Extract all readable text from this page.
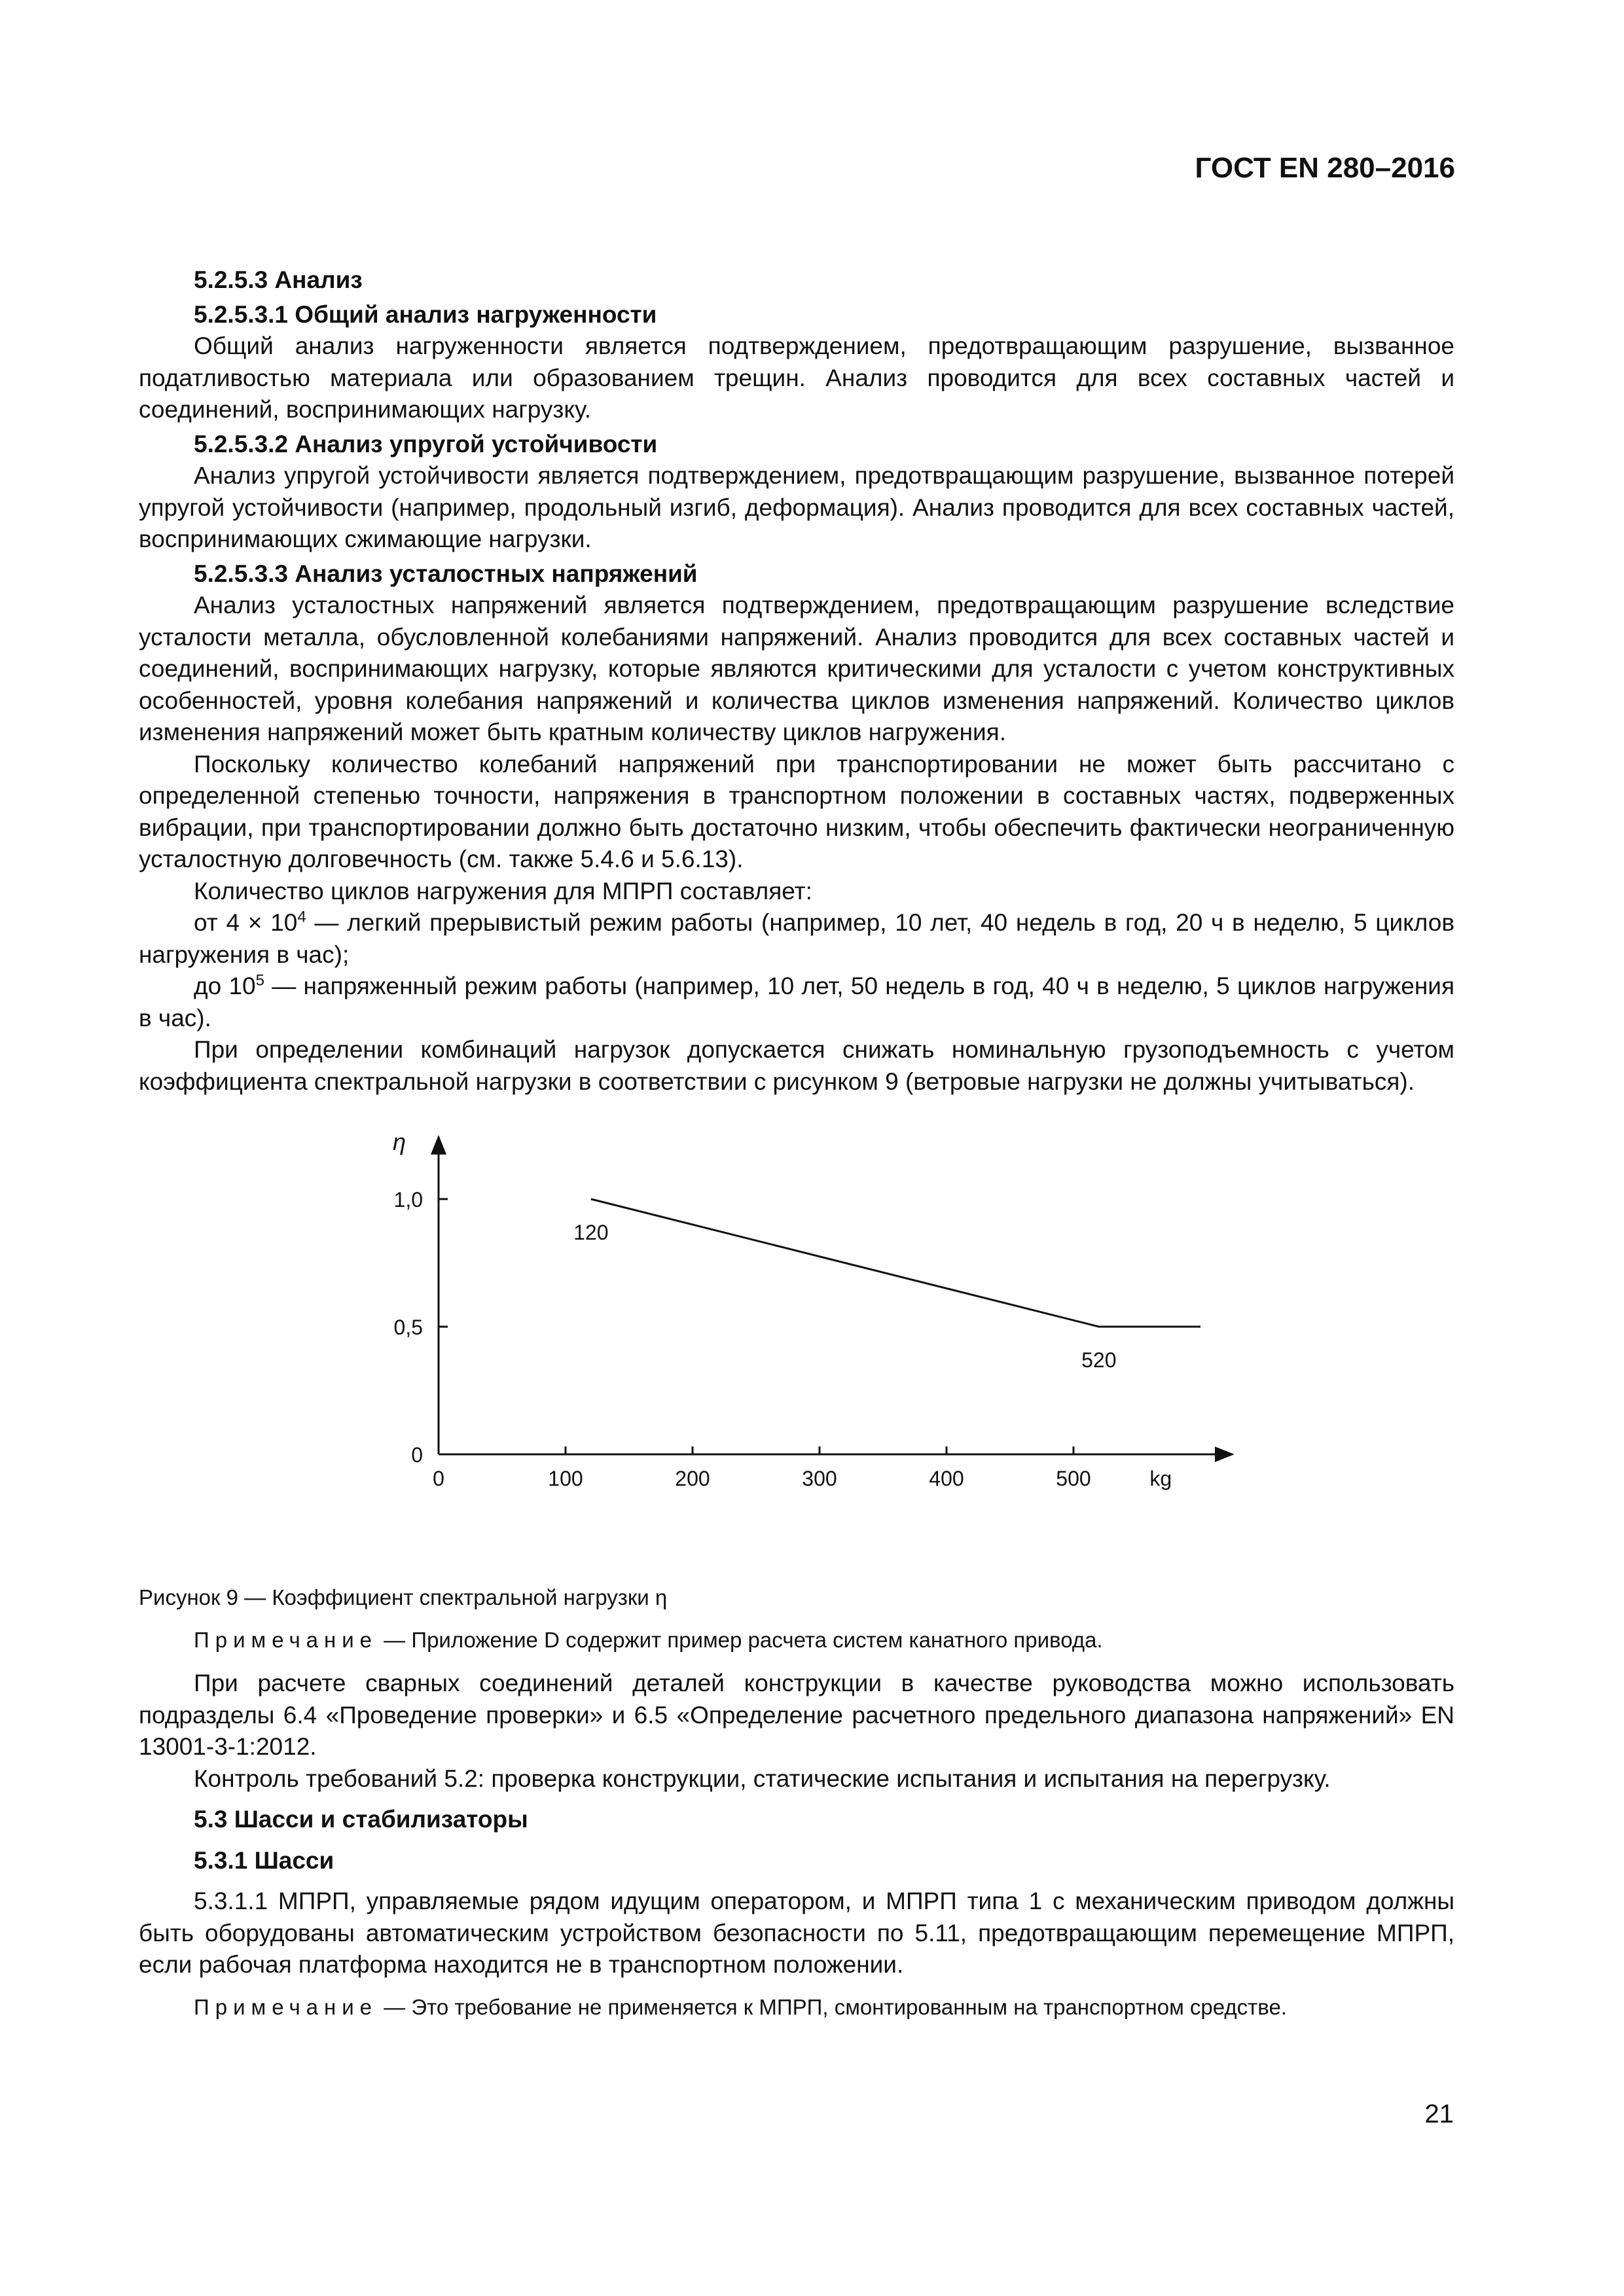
ГОСТ EN 280–2016

5.2.5.3 Анализ

5.2.5.3.1 Общий анализ нагруженности

Общий анализ нагруженности является подтверждением, предотвращающим разрушение, вызванное податливостью материала или образованием трещин. Анализ проводится для всех составных частей и соединений, воспринимающих нагрузку.

5.2.5.3.2 Анализ упругой устойчивости

Анализ упругой устойчивости является подтверждением, предотвращающим разрушение, вызванное потерей упругой устойчивости (например, продольный изгиб, деформация). Анализ проводится для всех составных частей, воспринимающих сжимающие нагрузки.

5.2.5.3.3 Анализ усталостных напряжений

Анализ усталостных напряжений является подтверждением, предотвращающим разрушение вследствие усталости металла, обусловленной колебаниями напряжений. Анализ проводится для всех составных частей и соединений, воспринимающих нагрузку, которые являются критическими для усталости с учетом конструктивных особенностей, уровня колебания напряжений и количества циклов изменения напряжений. Количество циклов изменения напряжений может быть кратным количеству циклов нагружения.

Поскольку количество колебаний напряжений при транспортировании не может быть рассчитано с определенной степенью точности, напряжения в транспортном положении в составных частях, подверженных вибрации, при транспортировании должно быть достаточно низким, чтобы обеспечить фактически неограниченную усталостную долговечность (см. также 5.4.6 и 5.6.13).

Количество циклов нагружения для МПРП составляет:

от $4 \times 10^4$ — легкий прерывистый режим работы (например, 10 лет, 40 недель в год, 20 ч в неделю, 5 циклов нагружения в час);

до $10^5$ — напряженный режим работы (например, 10 лет, 50 недель в год, 40 ч в неделю, 5 циклов нагружения в час).

При определении комбинаций нагрузок допускается снижать номинальную грузоподъемность с учетом коэффициента спектральной нагрузки в соответствии с рисунком 9 (ветровые нагрузки не должны учитываться).

0	100	200	300	400	500
0
0,5
1,0
120
520
η
kg

Рисунок 9 — Коэффициент спектральной нагрузки η

Примечание — Приложение D содержит пример расчета систем канатного привода.

При расчете сварных соединений деталей конструкции в качестве руководства можно использовать подразделы 6.4 «Проведение проверки» и 6.5 «Определение расчетного предельного диапазона напряжений» EN 13001-3-1:2012.

Контроль требований 5.2: проверка конструкции, статические испытания и испытания на перегрузку.

5.3 Шасси и стабилизаторы

5.3.1 Шасси

5.3.1.1 МПРП, управляемые рядом идущим оператором, и МПРП типа 1 с механическим приводом должны быть оборудованы автоматическим устройством безопасности по 5.11, предотвращающим перемещение МПРП, если рабочая платформа находится не в транспортном положении.

Примечание — Это требование не применяется к МПРП, смонтированным на транспортном средстве.

21
